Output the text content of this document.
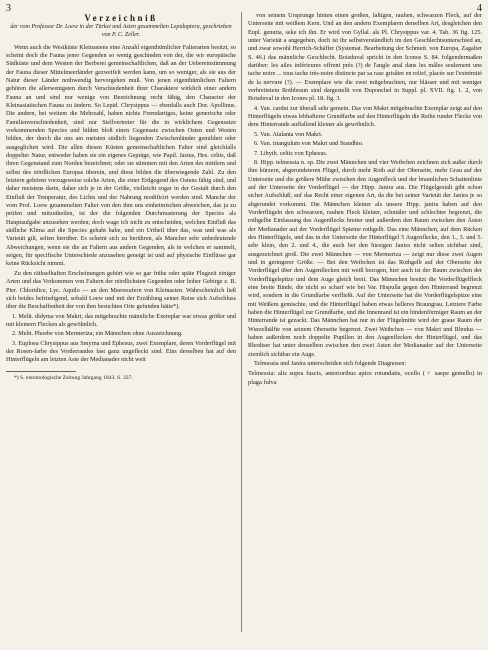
3	4
Verzeichniß
der vom Professor Dr. Loew in der Türkei und Asien gesammelten Lepidoptera, geschrieben von P. C. Zeller.

Wenn auch die Westküste Kleinasiens eine Anzahl eigenthümlicher Falterarten besitzt, so scheint doch die Fauna jener Gegenden so wenig geschieden von der, die wir europäische Südküste und dem Westen der Berberei gemeinschaftlichen, daß an der Uebereinstimmung der Fauna dieser Mittelmeerländer gezweifelt werden kann, um so weniger, als sie aus der Natur dieser Länder nothwendig hervorgehen muß. Von jenen eigenthümlichen Faltern gehören die allerwenigsten durch Verschiedenheit ihrer Charaktere wirklich einer andern Fauna an und sind nur wenige von Bezeichnung recht fähig, den Character der Kleinasiatischen Fauna zu ändern. So Lepid. Chrysippus — ebenfalls auch Dor. Apollinus. Die andern, bei weitem die Mehrzahl, haben nichts Fremdartiges, keine generische oder Familienverschiedenheit, sind nur Stellvertreter für die in wirklichem Gegensatze vorkommenden Species und bilden bloß einen Gegensatz zwischen Osten und Westen bilden, der durch die uns am meisten südlich liegenden Zwischenländer gemildert oder ausgeglichen wird. Die allen diesen Küsten gemeinschaftlichen Falter sind gleichfalls doppelter Natur, entweder haben sie ein eigenes Gepräge, wie Papil. Jasius, Hes. celtis, daß ihren Gegenstand zum Norden bezeichnet; oder sie stimmen mit den Arten des mittlern und selbst des nördlichen Europas überein, und diese bilden die überwiegende Zahl. Zu den letztern gehören vorzugsweise solche Arten, die einer Erdgegend des Ostens fähig sind, und daher meistens darin, daher sich je in der Größe, vielleicht sogar in der Gestalt durch den Einfluß der Temperatur, des Lichts und der Nahrung modificirt werden sind. Manche der vom Prof. Loew gesammelten Falter von den ihm uns einheimischen abweichen, das ja zu prüfen und mitzutheilen, ist der die folgenden Durchmusterung der Species als Hauptaufgabe anzusehen werden; doch wage ich nicht zu entscheiden, welchen Einfluß das südliche Klima auf die Species gehabt habe, und ein Urtheil über das, was und was als Varietät gilt, selten hierüber. Es scheint sich zu berühren, als Mancher sehr unbedeutende Abweichungen, wenn sie die an Faltern aus andern Gegenden, als in welchen er sammelt, seigen, für specifische Unterschiede anzusehen geneigt ist und auf physische Einflüsse gar keine Rücksicht nimmt.

Zu den räthselhaften Erscheinungen gehört wie so gar frühe oder späte Flugzeit einiger Arten und das Vorkommen von Faltern der nördlichsten Gegenden oder hoher Gebirge z. B. Pier. Chloridice, Lyc. Aquilo — an den Meeresufern von Kleinasien. Wahrscheinlich ließ sich beides befriedigend, sobald Loew und mit der Erzählung seiner Reise sich Aufschluss über die Beschaffenheit der von ihm besuchten Orte gefunden hätte*).

1. Melit. didyma von Makri; das mitgebrachte männliche Exemplar war etwas größer und mit kleinern Flecken als gewöhnlich.

2. Melit. Phoebe von Mermeriza; ein Männchen ohne Auszeichnung.

3. Euploea Chrysippus aus Smyrna und Ephesus, zwei Exemplare, deren Vorderflügel mit der Rosen-farbe des Vorderrandes fast ganz ungefleckt sind. Eins derselben hat auf den Hinterflügeln am letzten Aste der Medianader nicht weit

*) S. entomologische Zeitung Jahrgang 1843. S. 337.

von seinem Ursprunge hinten einen großen, faltigen, rauhen, schwarzen Fleck, auf der Unterseite mit weißem Kern. Und an den andern Exemplaren derselben Art, desgleichen den Eupl. genutia, seke ich ihn. Er wird von Gyllal. als Pl. Chrysippus var. 4. Tab. 36 fig. 125. unter Varietät a angegeben, doch ist ihr selbstverständlich im den Geschlechtsunterschied an, und zwar sowohl Herrich-Schäffer (Systemat. Bearbeitung der Schmett. von Europa, Zagalter S. 46.) das männliche Geschlecht. Boisduval spricht in den Iconos S. 84. folgendermaßen darüber: les ailes inférieures offrent près (?) de l'angle anal dans les mâles seulement une tache noire ... tous tache très-noire distincte par sa rase grisâtre en relief, placée sur l'extrémité de la nervure (?). — Exemplare wie die zwei mitgebrachten, nur blässer und mit weniger verbreitetem Rothbraun sind dargestellt von Duponchel in Suppl. pl. XVII. fig. 1. 2, von Boisduval in den Icones pl. 18. fig. 3.

4. Van. cardui zur überall sehr gemein. Das von Makri mitgebrachte Exemplar zeigt auf den Hinterflügeln etwas lebhafterer Grundfarbe auf den Hinterflügeln die Reihe runder Flecke von dem Hinterrande auffallend kleiner als gewöhnlich.

5. Van. Atalanta von Makri.

6. Van. triangulum von Makri und Standhio.

7. Libyth. celtis von Ephesus.

8. Hipp. telmessia n. sp. Die zwei Männchen und vier Weibchen zeichnen sich außer durch ihre kürzern, abgerundeteren Flügel, durch mehr Roth auf der Oberseite, mehr Grau auf der Unterseite und die größere Mühe zwischen den Augenfleck und der braunlichen Schattenlinie auf der Unterseite der Vorderflügel — der Hipp. Janira aus. Die Flügelgestalt gibt schon sicher Aufschluß; auf das Recht einer eigenen Art, da die bei seiner Varietät der Janira je so abgerundet vorkommt. Die Männchen kleiner als unsere Hipp. janira haben auf den Vorderflügeln den schwarzen, rauhen Fleck kleiner, schmäler und schlechter begrenzt, die rothgelbe Einfassung des Augenflecks breiter und außerdem den Raum zwischen den Ästen der Medianader auf der Vorderflügel Spieme rothgelb. Das eine Männchen, auf dem Rücken des Hinterflügels, und das in der Unterseite der Hinterflügel 5 Augenflecke, den 1., 3. und 5. sehr klein, den 2. und 4., die auch bei den hiesigen Janira nicht selten sichtbar sind, ausgezeichnet groß. Die zwei Männchen — von Mermeriza — zeigt nur diese zwei Augen und in geringerer Größe. — Bei den Weibchen ist das Rothgelb auf der Oberseite der Vorderflügel über den Augenflecken mit weiß bezogen, hier auch ist der Raum zwischen der Vorderflügelspitze und dem Auge gleich breit. Das Männchen besitzt die Vorderflügelfleck eine breite Binde, die nicht so scharf wie bei Var. Hispulla gegen den Hinterrand begrenzt wird, sondern in die Grundfarbe verfließt. Auf der Unterseite hat die Vorderflügelspitze eine mit Weißem gemischte, und die Hinterflügel haben etwas helleres Braungrau. Letztere Farbe haben die Hinterflügel zur Grundfarbe, und die Innenrand ist ein bindenförmiger Raum an der Hinterrande ist gezackt. Das Männchen hat nur in der Flügelmitte wird der graue Raum der Wurzelhälfte von seinem Oberseite begrenzt. Zwei Weibchen — von Makri und Rhodus — haben außerdem noch doppelte Pupillen in den Augenflecken der Hinterflügel, und das Rhodiser hat unter denselben zwischen den zwei Asten der Medianader auf der Unterseite ziemlich sichtbar ein Auge.

Telmessia und Janira unterscheiden sich folgende Diagnosen:

Telmessia: alis supra fuscis, anterioribus apice rotundatis, ocello (♀ saepe gemello) in plaga fulva
